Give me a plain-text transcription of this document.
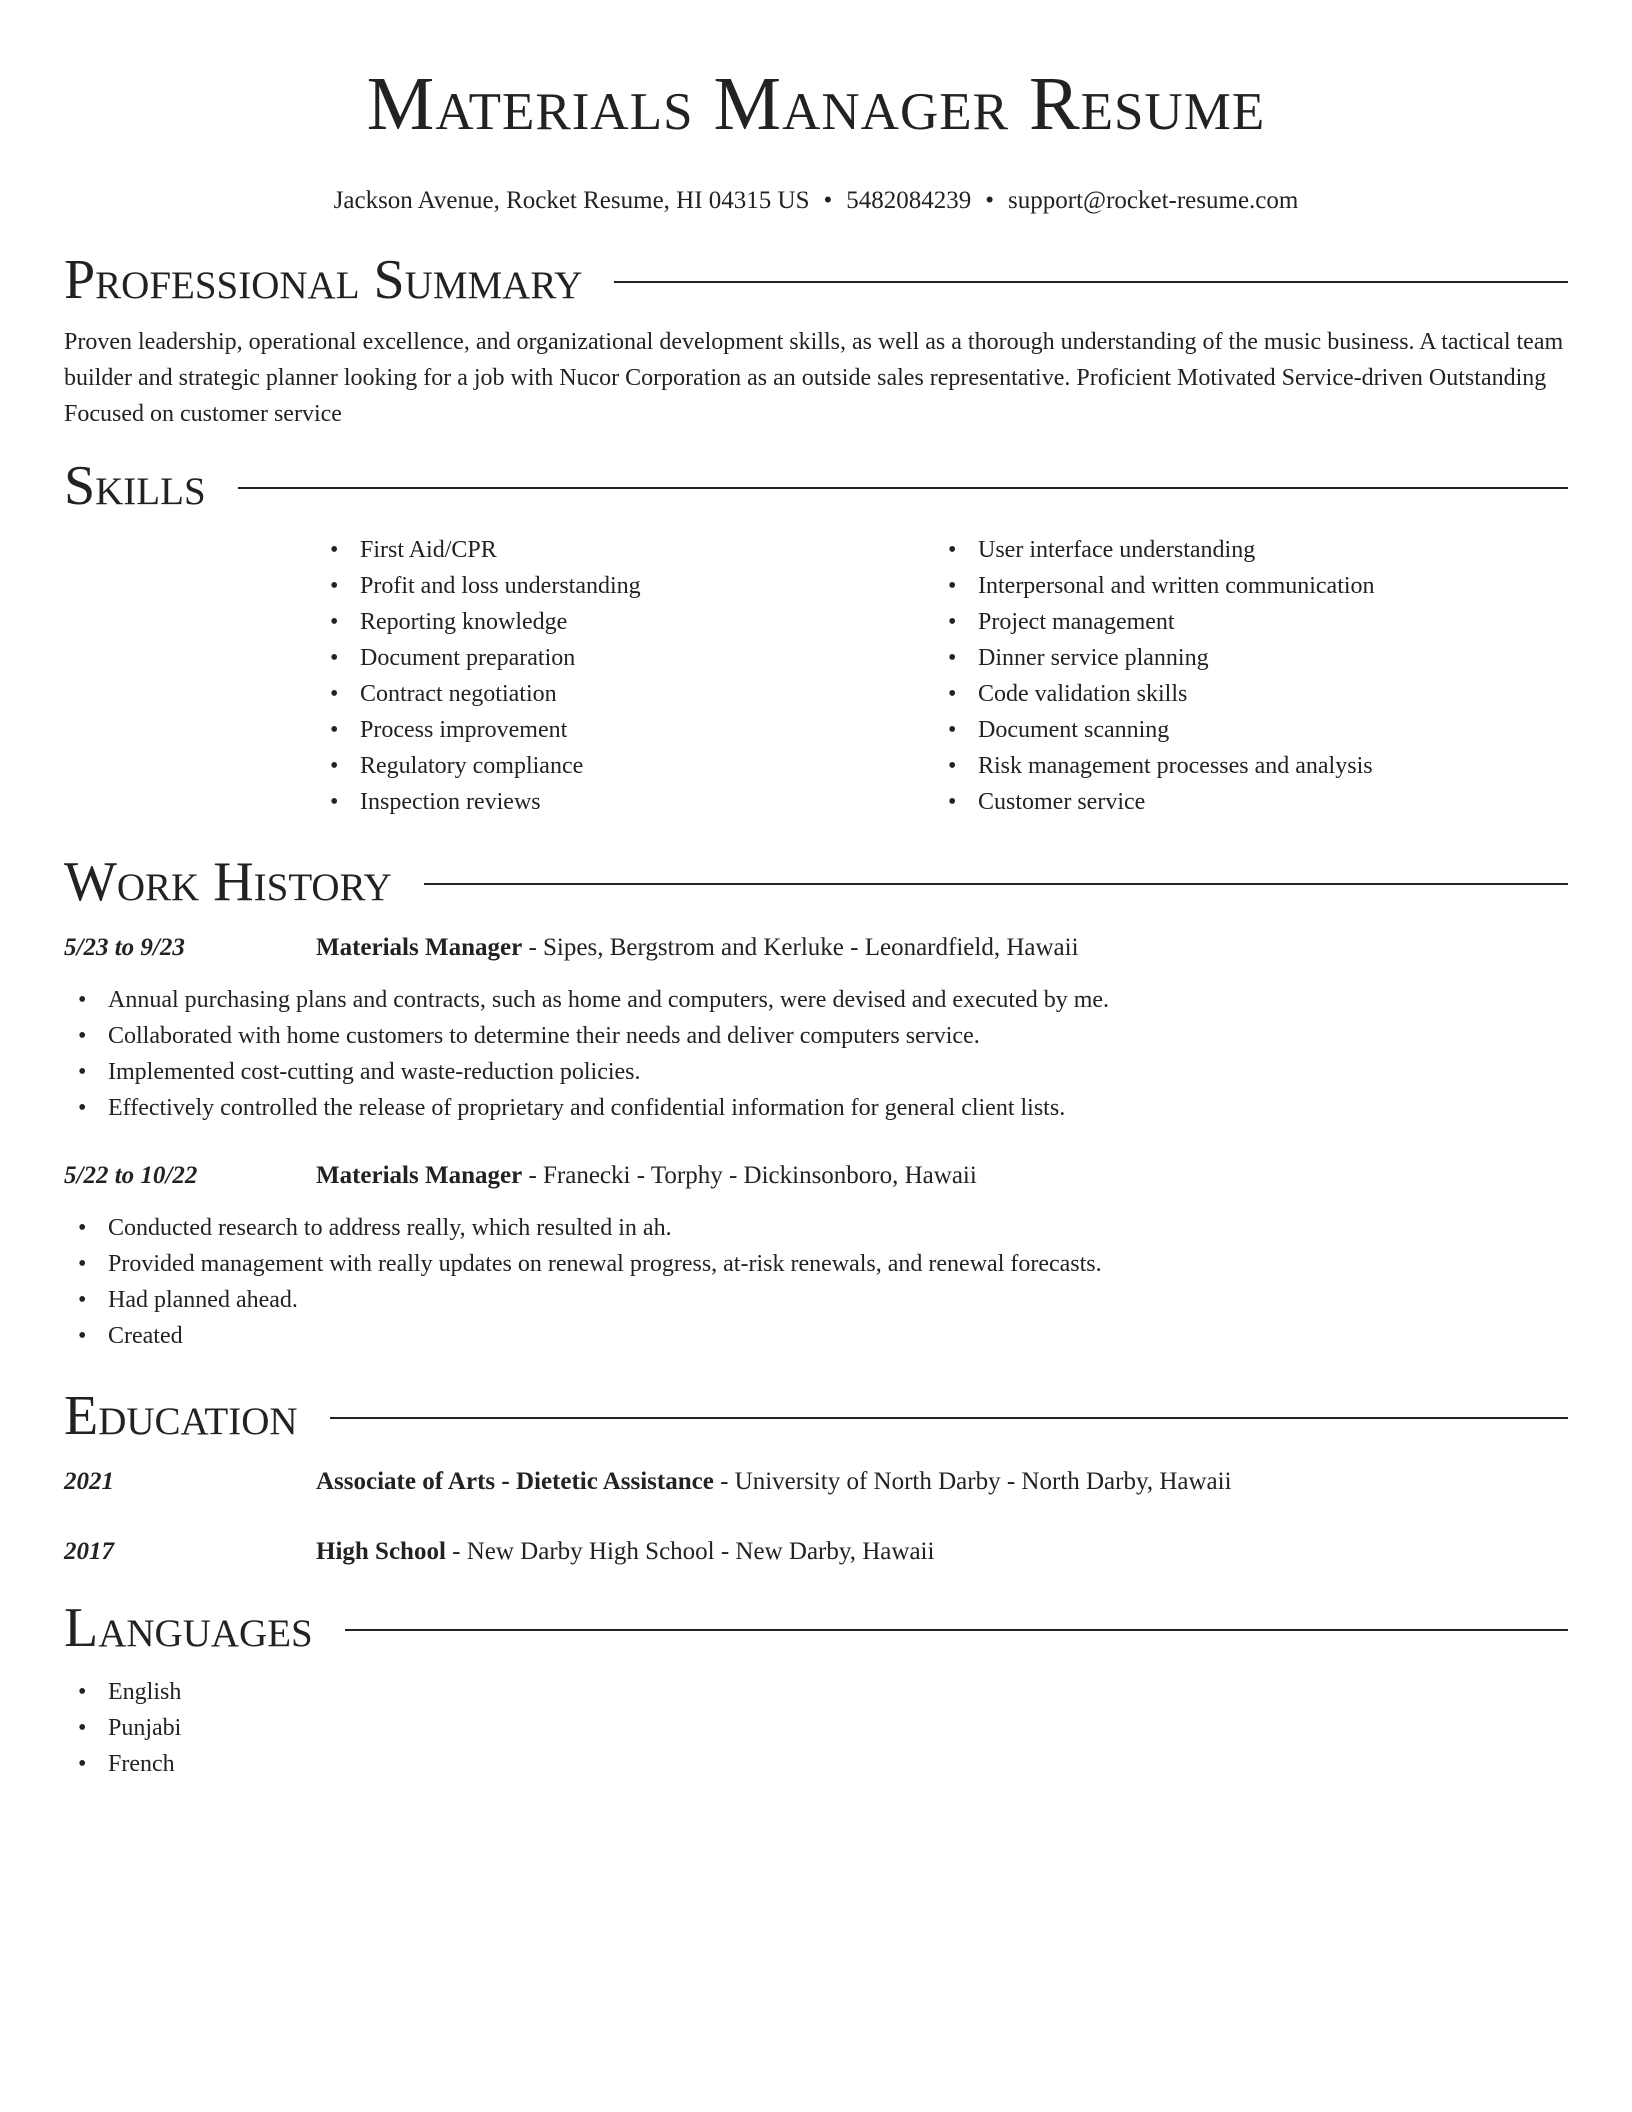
Materials Manager Resume
Jackson Avenue, Rocket Resume, HI 04315 US • 5482084239 • support@rocket-resume.com
Professional Summary

Proven leadership, operational excellence, and organizational development skills, as well as a thorough understanding of the music business. A tactical team builder and strategic planner looking for a job with Nucor Corporation as an outside sales representative. Proficient Motivated Service-driven Outstanding Focused on customer service

Skills
• First Aid/CPR
• Profit and loss understanding
• Reporting knowledge
• Document preparation
• Contract negotiation
• Process improvement
• Regulatory compliance
• Inspection reviews
• User interface understanding
• Interpersonal and written communication
• Project management
• Dinner service planning
• Code validation skills
• Document scanning
• Risk management processes and analysis
• Customer service
Work History
5/23 to 9/23	Materials Manager - Sipes, Bergstrom and Kerluke - Leonardfield, Hawaii
• Annual purchasing plans and contracts, such as home and computers, were devised and executed by me.
• Collaborated with home customers to determine their needs and deliver computers service.
• Implemented cost-cutting and waste-reduction policies.
• Effectively controlled the release of proprietary and confidential information for general client lists.
5/22 to 10/22	Materials Manager - Franecki - Torphy - Dickinsonboro, Hawaii
• Conducted research to address really, which resulted in ah.
• Provided management with really updates on renewal progress, at-risk renewals, and renewal forecasts.
• Had planned ahead.
• Created
Education
2021	Associate of Arts - Dietetic Assistance - University of North Darby - North Darby, Hawaii
2017	High School - New Darby High School - New Darby, Hawaii
Languages
• English
• Punjabi
• French
